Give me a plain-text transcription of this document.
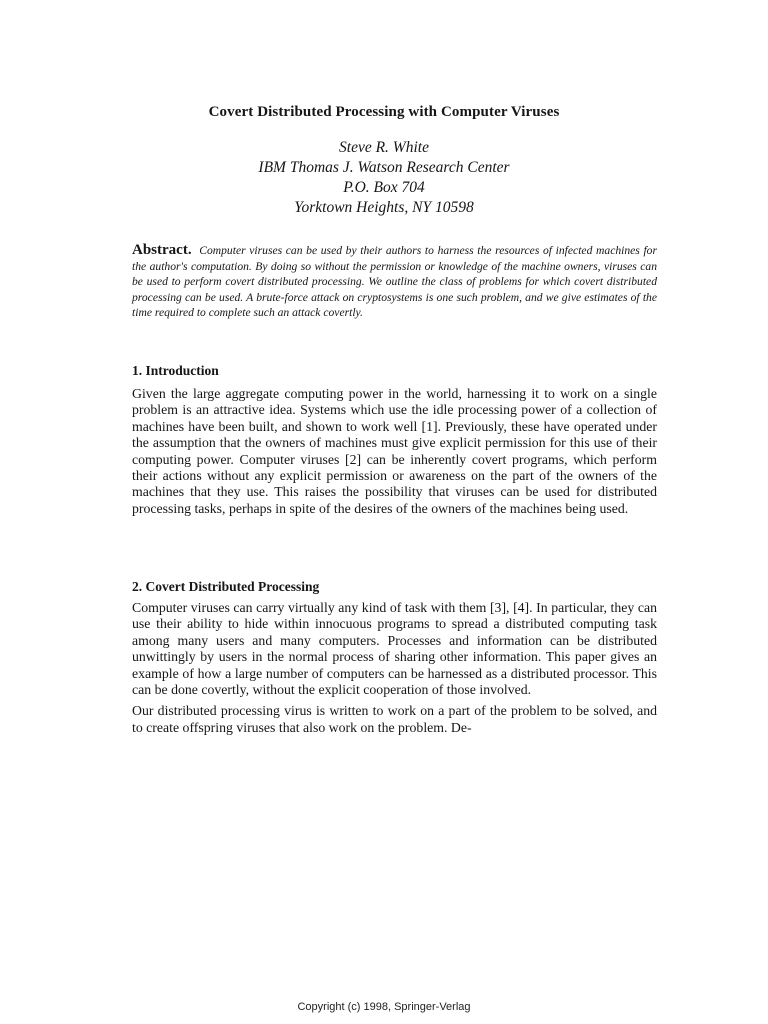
Covert Distributed Processing with Computer Viruses
Steve R. White
IBM Thomas J. Watson Research Center
P.O. Box 704
Yorktown Heights, NY 10598
Abstract. Computer viruses can be used by their authors to harness the resources of infected machines for the author's computation. By doing so without the permission or knowledge of the machine owners, viruses can be used to perform covert distributed processing. We outline the class of problems for which covert distributed processing can be used. A brute-force attack on cryptosystems is one such problem, and we give estimates of the time required to complete such an attack covertly.
1. Introduction

Given the large aggregate computing power in the world, harnessing it to work on a single problem is an attractive idea. Systems which use the idle processing power of a collection of machines have been built, and shown to work well [1]. Previously, these have operated under the assumption that the owners of machines must give explicit permission for this use of their computing power. Computer viruses [2] can be inherently covert programs, which perform their actions without any explicit permission or awareness on the part of the owners of the machines that they use. This raises the possibility that viruses can be used for distributed processing tasks, perhaps in spite of the desires of the owners of the machines being used.

2. Covert Distributed Processing

Computer viruses can carry virtually any kind of task with them [3], [4]. In particular, they can use their ability to hide within innocuous programs to spread a distributed computing task among many users and many computers. Processes and information can be distributed unwittingly by users in the normal process of sharing other information. This paper gives an example of how a large number of computers can be harnessed as a distributed processor. This can be done covertly, without the explicit cooperation of those involved.

Our distributed processing virus is written to work on a part of the problem to be solved, and to create offspring viruses that also work on the problem. De-

Copyright (c) 1998, Springer-Verlag
